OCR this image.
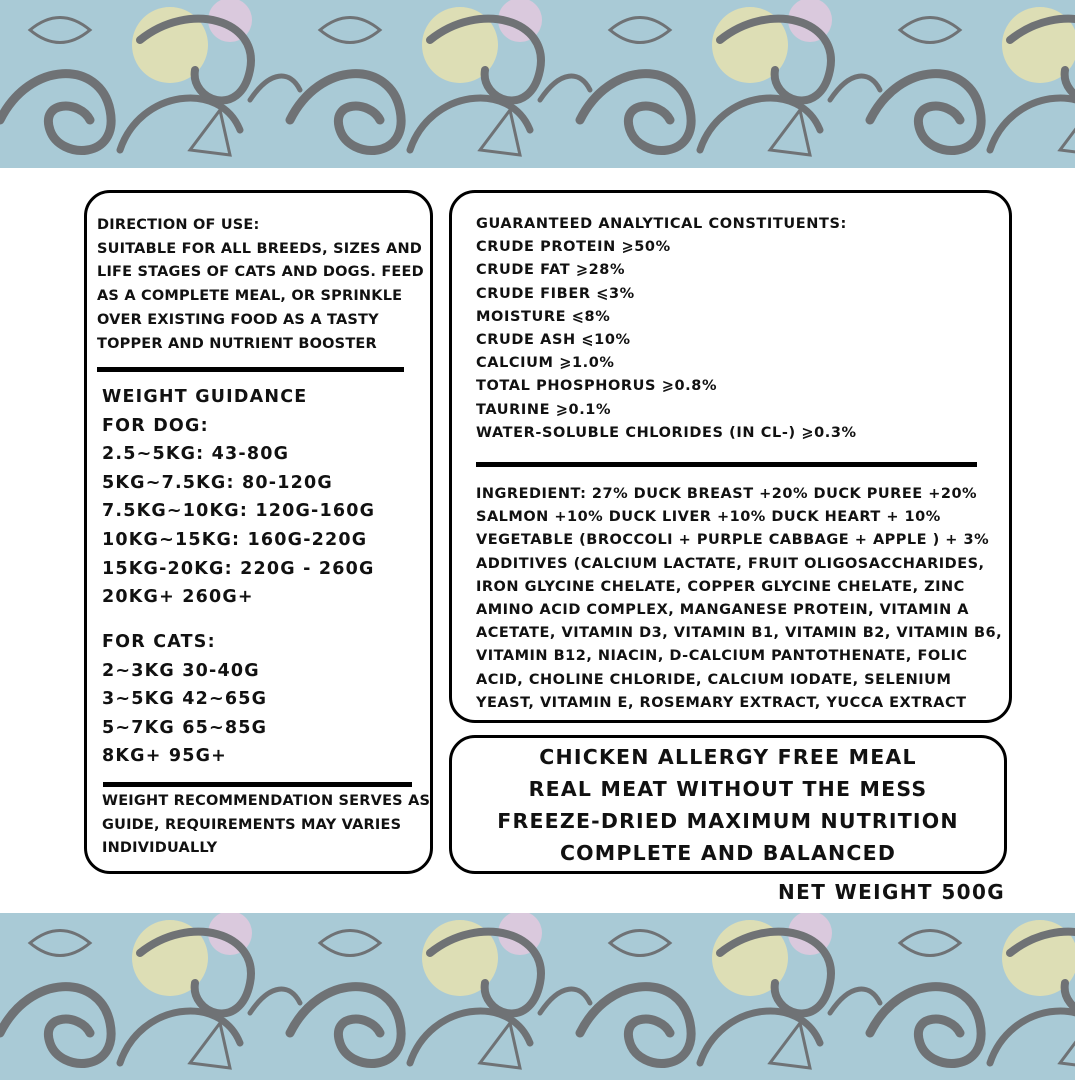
DIRECTION OF USE:
SUITABLE FOR ALL BREEDS, SIZES AND
LIFE STAGES OF CATS AND DOGS. FEED
AS A COMPLETE MEAL, OR SPRINKLE
OVER EXISTING FOOD AS A TASTY
TOPPER AND NUTRIENT BOOSTER
WEIGHT GUIDANCE
FOR DOG:
2.5~5KG: 43-80G
5KG~7.5KG: 80-120G
7.5KG~10KG: 120G-160G
10KG~15KG: 160G-220G
15KG-20KG: 220G - 260G
20KG+ 260G+
FOR CATS:
2~3KG 30-40G
3~5KG 42~65G
5~7KG 65~85G
8KG+ 95G+
WEIGHT RECOMMENDATION SERVES AS
GUIDE, REQUIREMENTS MAY VARIES
INDIVIDUALLY
GUARANTEED ANALYTICAL CONSTITUENTS:
CRUDE PROTEIN ⩾50%
CRUDE FAT ⩾28%
CRUDE FIBER ⩽3%
MOISTURE ⩽8%
CRUDE ASH ⩽10%
CALCIUM ⩾1.0%
TOTAL PHOSPHORUS ⩾0.8%
TAURINE ⩾0.1%
WATER-SOLUBLE CHLORIDES (IN CL-) ⩾0.3%
INGREDIENT: 27% DUCK BREAST +20% DUCK PUREE +20%
SALMON +10% DUCK LIVER +10% DUCK HEART + 10%
VEGETABLE (BROCCOLI + PURPLE CABBAGE + APPLE ) + 3%
ADDITIVES (CALCIUM LACTATE, FRUIT OLIGOSACCHARIDES,
IRON GLYCINE CHELATE, COPPER GLYCINE CHELATE, ZINC
AMINO ACID COMPLEX, MANGANESE PROTEIN, VITAMIN A
ACETATE, VITAMIN D3, VITAMIN B1, VITAMIN B2, VITAMIN B6,
VITAMIN B12, NIACIN, D-CALCIUM PANTOTHENATE, FOLIC
ACID, CHOLINE CHLORIDE, CALCIUM IODATE, SELENIUM
YEAST, VITAMIN E, ROSEMARY EXTRACT, YUCCA EXTRACT
CHICKEN ALLERGY FREE MEAL
REAL MEAT WITHOUT THE MESS
FREEZE-DRIED MAXIMUM NUTRITION
COMPLETE AND BALANCED
NET WEIGHT 500G
